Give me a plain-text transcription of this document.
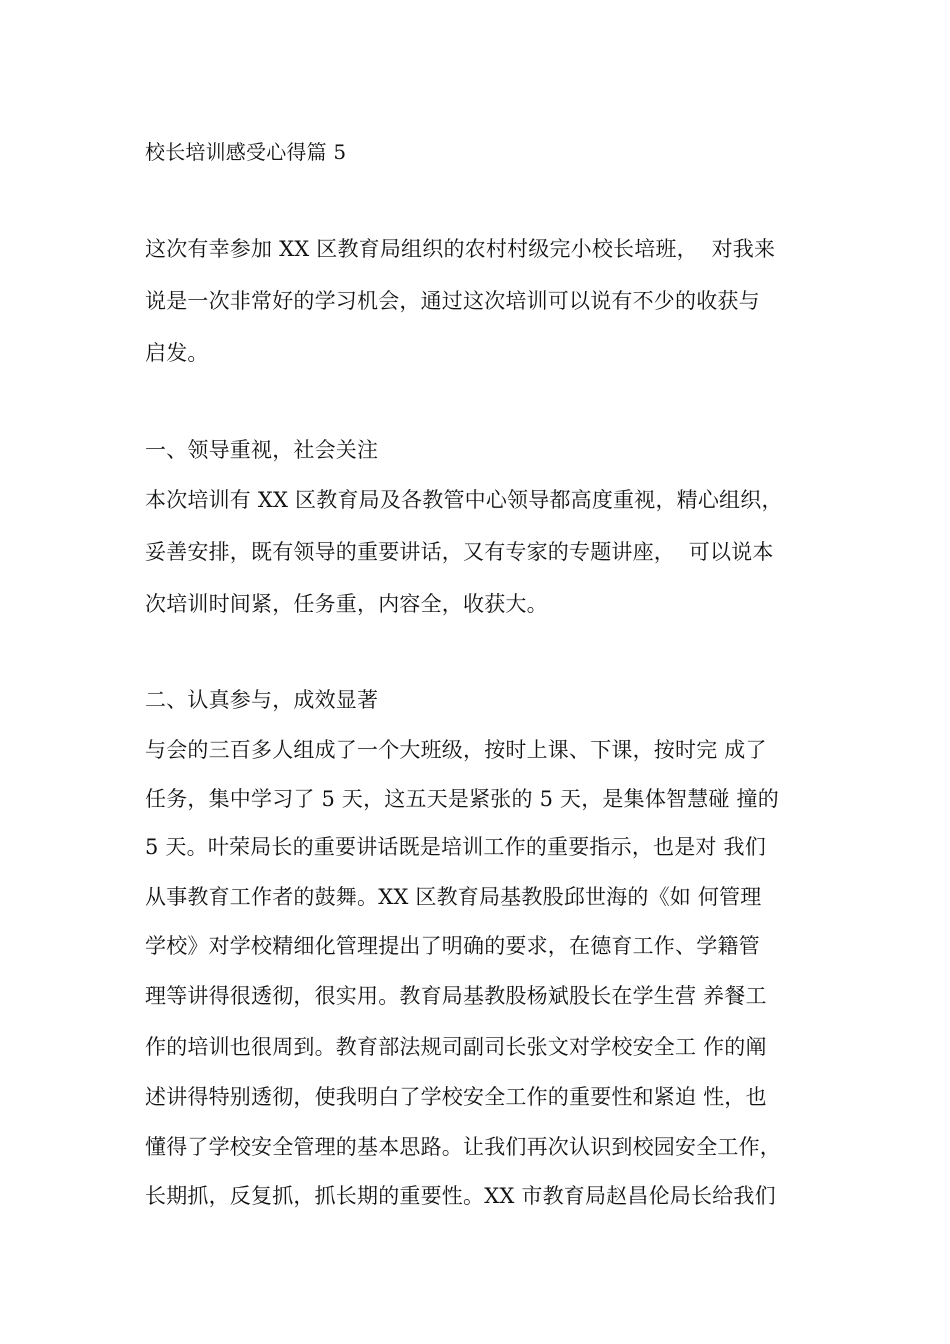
校长培训感受心得篇 5
这次有幸参加 XX 区教育局组织的农村村级完小校长培班，  对我来
说是一次非常好的学习机会，通过这次培训可以说有不少的收获与
启发。
一、领导重视，社会关注
本次培训有 XX 区教育局及各教管中心领导都高度重视，精心组织，
妥善安排，既有领导的重要讲话，又有专家的专题讲座，  可以说本
次培训时间紧，任务重，内容全，收获大。
二、认真参与，成效显著
与会的三百多人组成了一个大班级，按时上课、下课，按时完 成了
任务，集中学习了 5 天，这五天是紧张的 5 天，是集体智慧碰 撞的
5 天。叶荣局长的重要讲话既是培训工作的重要指示，也是对 我们
从事教育工作者的鼓舞。XX 区教育局基教股邱世海的《如 何管理
学校》对学校精细化管理提出了明确的要求，在德育工作、学籍管
理等讲得很透彻，很实用。教育局基教股杨斌股长在学生营 养餐工
作的培训也很周到。教育部法规司副司长张文对学校安全工 作的阐
述讲得特别透彻，使我明白了学校安全工作的重要性和紧迫 性，也
懂得了学校安全管理的基本思路。让我们再次认识到校园安全工作，
长期抓，反复抓，抓长期的重要性。XX 市教育局赵昌伦局长给我们
